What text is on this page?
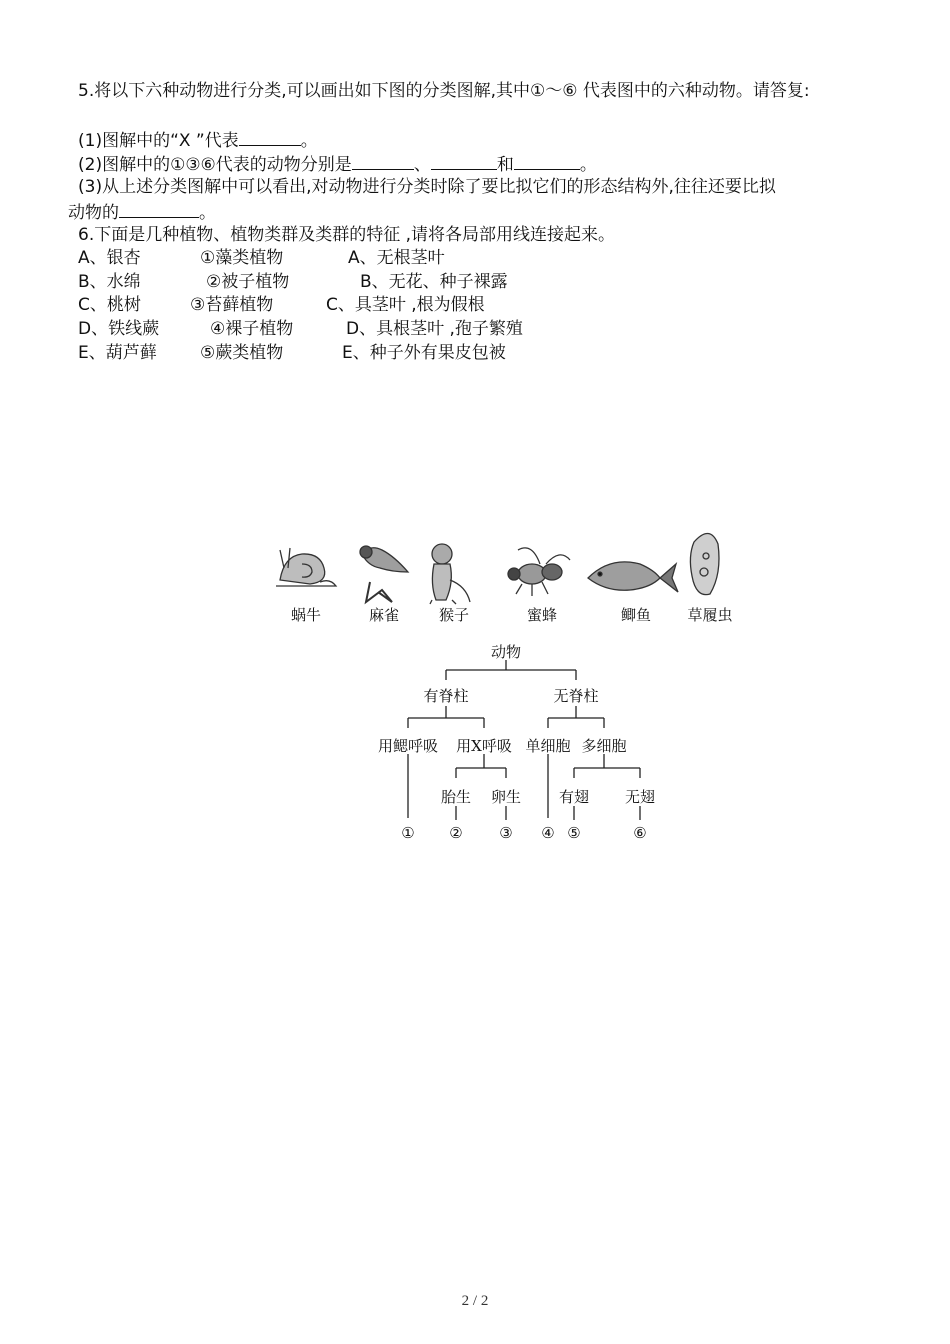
5.将以下六种动物进行分类,可以画出如下图的分类图解,其中①～⑥ 代表图中的六种动物。请答复:
(1)图解中的“X ”代表	。
(2)图解中的①③⑥代表的动物分别是	、	和	。
(3)从上述分类图解中可以看出,对动物进行分类时除了要比拟它们的形态结构外,往往还要比拟
动物的	。
6.下面是几种植物、植物类群及类群的特征 ,请将各局部用线连接起来。
A、银杏	①藻类植物	A、无根茎叶
B、水绵	②被子植物	B、无花、种子裸露
C、桃树	③苔藓植物	C、具茎叶 ,根为假根
D、铁线蕨	④裸子植物	D、具根茎叶 ,孢子繁殖
E、葫芦藓	⑤蕨类植物	E、种子外有果皮包被
蜗牛	麻雀	猴子	蜜蜂	鲫鱼 草履虫
动物
有脊柱	无脊柱
用鳃呼吸 用X呼吸 单细胞 多细胞
胎生 卵生	有翅 无翅
① ② ③ ④ ⑤	⑥
2 / 2
